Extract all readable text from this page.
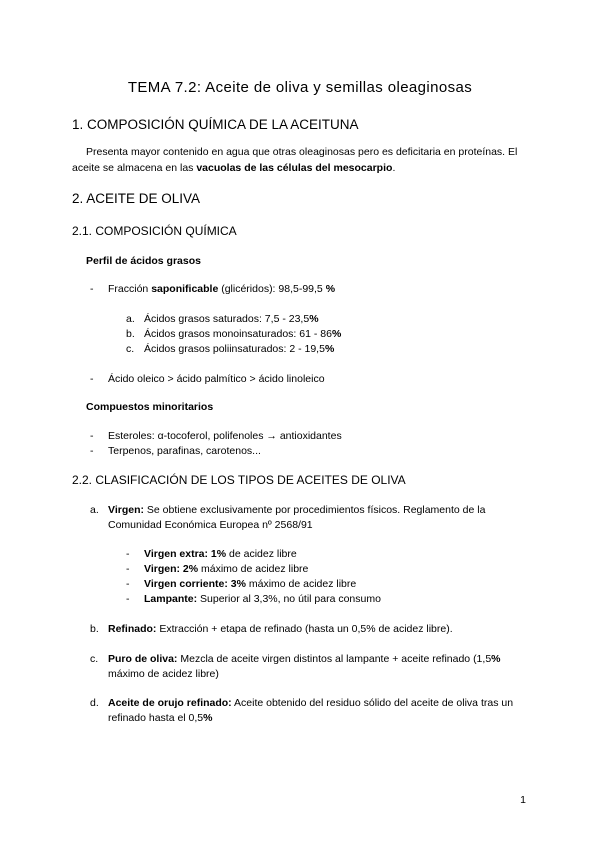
TEMA 7.2: Aceite de oliva y semillas oleaginosas
1. COMPOSICIÓN QUÍMICA DE LA ACEITUNA
Presenta mayor contenido en agua que otras oleaginosas pero es deficitaria en proteínas. El aceite se almacena en las vacuolas de las células del mesocarpio.
2. ACEITE DE OLIVA
2.1. COMPOSICIÓN QUÍMICA
Perfil de ácidos grasos
- Fracción saponificable (glicéridos): 98,5-99,5 %
a. Ácidos grasos saturados: 7,5 - 23,5%
b. Ácidos grasos monoinsaturados: 61 - 86%
c. Ácidos grasos poliinsaturados: 2 - 19,5%
- Ácido oleico > ácido palmítico > ácido linoleico
Compuestos minoritarios
- Esteroles: α-tocoferol, polifenoles → antioxidantes
- Terpenos, parafinas, carotenos...
2.2. CLASIFICACIÓN DE LOS TIPOS DE ACEITES DE OLIVA
a. Virgen: Se obtiene exclusivamente por procedimientos físicos. Reglamento de la Comunidad Económica Europea nº 2568/91
- Virgen extra: 1% de acidez libre
- Virgen: 2% máximo de acidez libre
- Virgen corriente: 3% máximo de acidez libre
- Lampante: Superior al 3,3%, no útil para consumo
b. Refinado: Extracción + etapa de refinado (hasta un 0,5% de acidez libre).
c. Puro de oliva: Mezcla de aceite virgen distintos al lampante + aceite refinado (1,5% máximo de acidez libre)
d. Aceite de orujo refinado: Aceite obtenido del residuo sólido del aceite de oliva tras un refinado hasta el 0,5%
1
